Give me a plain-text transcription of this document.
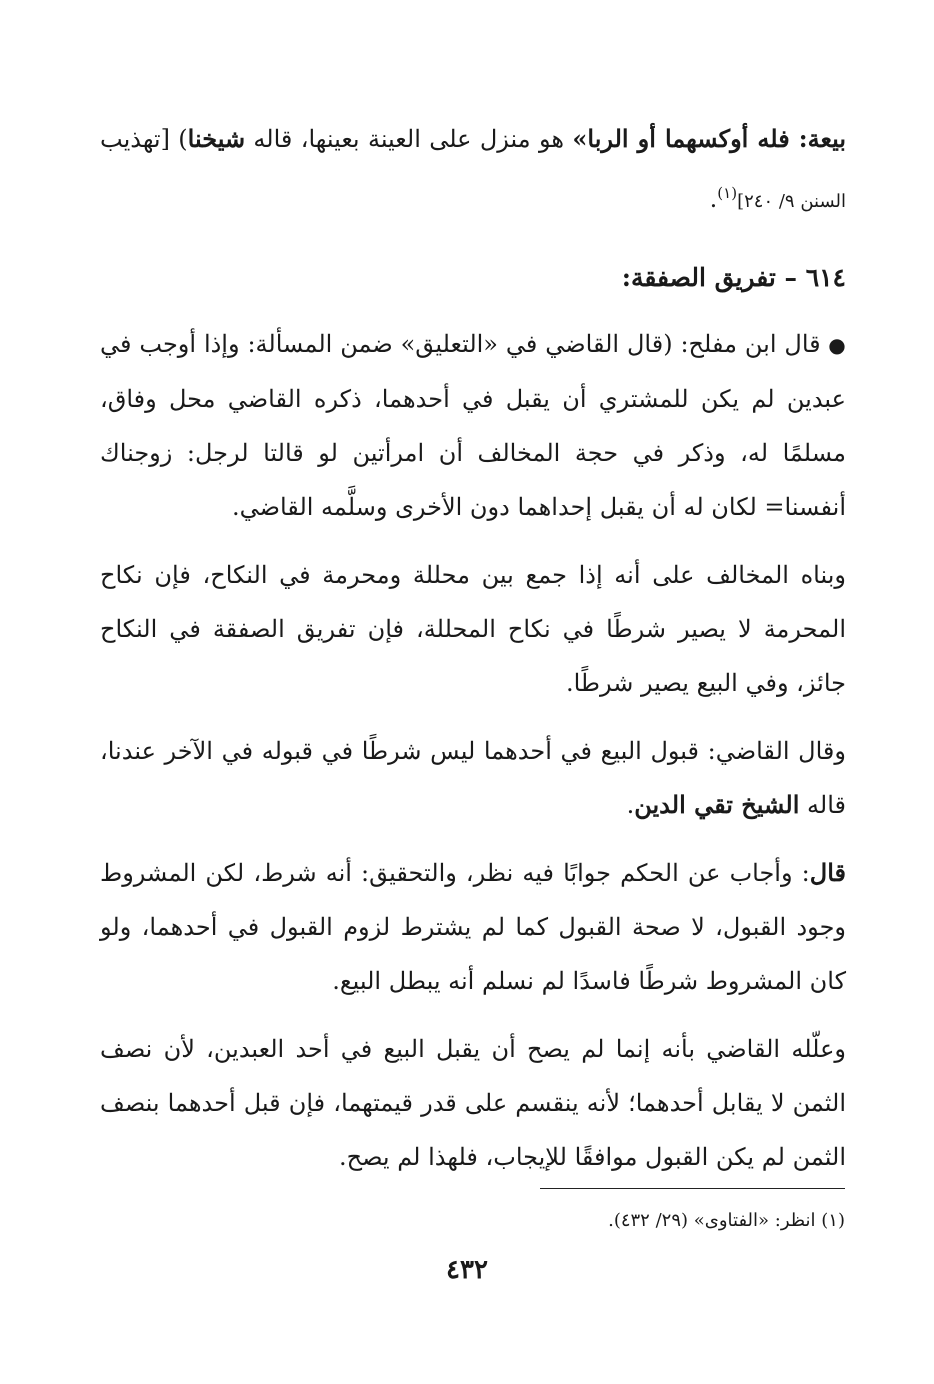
بيعة: فله أوكسهما أو الربا» هو منزل على العينة بعينها، قاله شيخنا) [تهذيب السنن ٩/ ٢٤٠]$^{(١)}$.

٦١٤ – تفريق الصفقة:

● قال ابن مفلح: (قال القاضي في «التعليق» ضمن المسألة: وإذا أوجب في عبدين لم يكن للمشتري أن يقبل في أحدهما، ذكره القاضي محل وفاق، مسلمًا له، وذكر في حجة المخالف أن امرأتين لو قالتا لرجل: زوجناك أنفسنا= لكان له أن يقبل إحداهما دون الأخرى وسلَّمه القاضي.

وبناه المخالف على أنه إذا جمع بين محللة ومحرمة في النكاح، فإن نكاح المحرمة لا يصير شرطًا في نكاح المحللة، فإن تفريق الصفقة في النكاح جائز، وفي البيع يصير شرطًا.

وقال القاضي: قبول البيع في أحدهما ليس شرطًا في قبوله في الآخر عندنا، قاله الشيخ تقي الدين.

قال: وأجاب عن الحكم جوابًا فيه نظر، والتحقيق: أنه شرط، لكن المشروط وجود القبول، لا صحة القبول كما لم يشترط لزوم القبول في أحدهما، ولو كان المشروط شرطًا فاسدًا لم نسلم أنه يبطل البيع.

وعلّله القاضي بأنه إنما لم يصح أن يقبل البيع في أحد العبدين، لأن نصف الثمن لا يقابل أحدهما؛ لأنه ينقسم على قدر قيمتهما، فإن قبل أحدهما بنصف الثمن لم يكن القبول موافقًا للإيجاب، فلهذا لم يصح.

(١) انظر: «الفتاوى» (٢٩/ ٤٣٢).
٤٣٢
